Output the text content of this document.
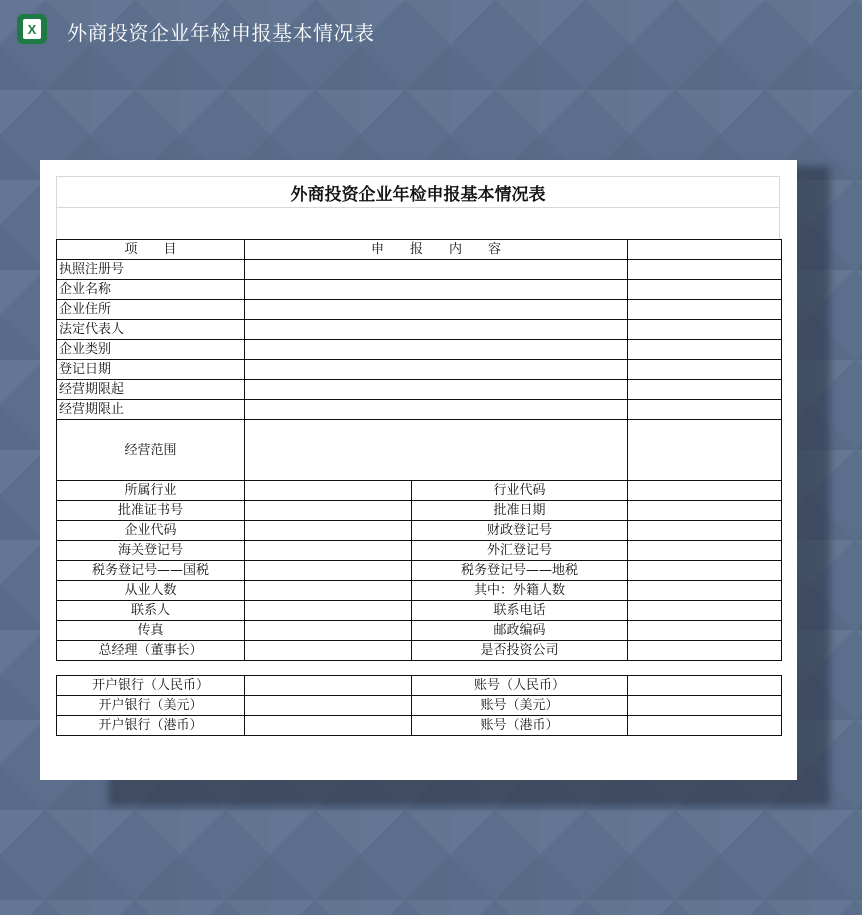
X 外商投资企业年检申报基本情况表
外商投资企业年检申报基本情况表
项　　目	申　　报　　内　　容		
执照注册号			
企业名称			
企业住所			
法定代表人			
企业类别			
登记日期			
经营期限起			
经营期限止			
经营范围			
所属行业		行业代码	
批准证书号		批准日期	
企业代码		财政登记号	
海关登记号		外汇登记号	
税务登记号——国税		税务登记号——地税	
从业人数		其中：外籍人数	
联系人		联系电话	
传真		邮政编码	
总经理（董事长）		是否投资公司	

开户银行（人民币）		账号（人民币）	
开户银行（美元）		账号（美元）	
开户银行（港币）		账号（港币）	
